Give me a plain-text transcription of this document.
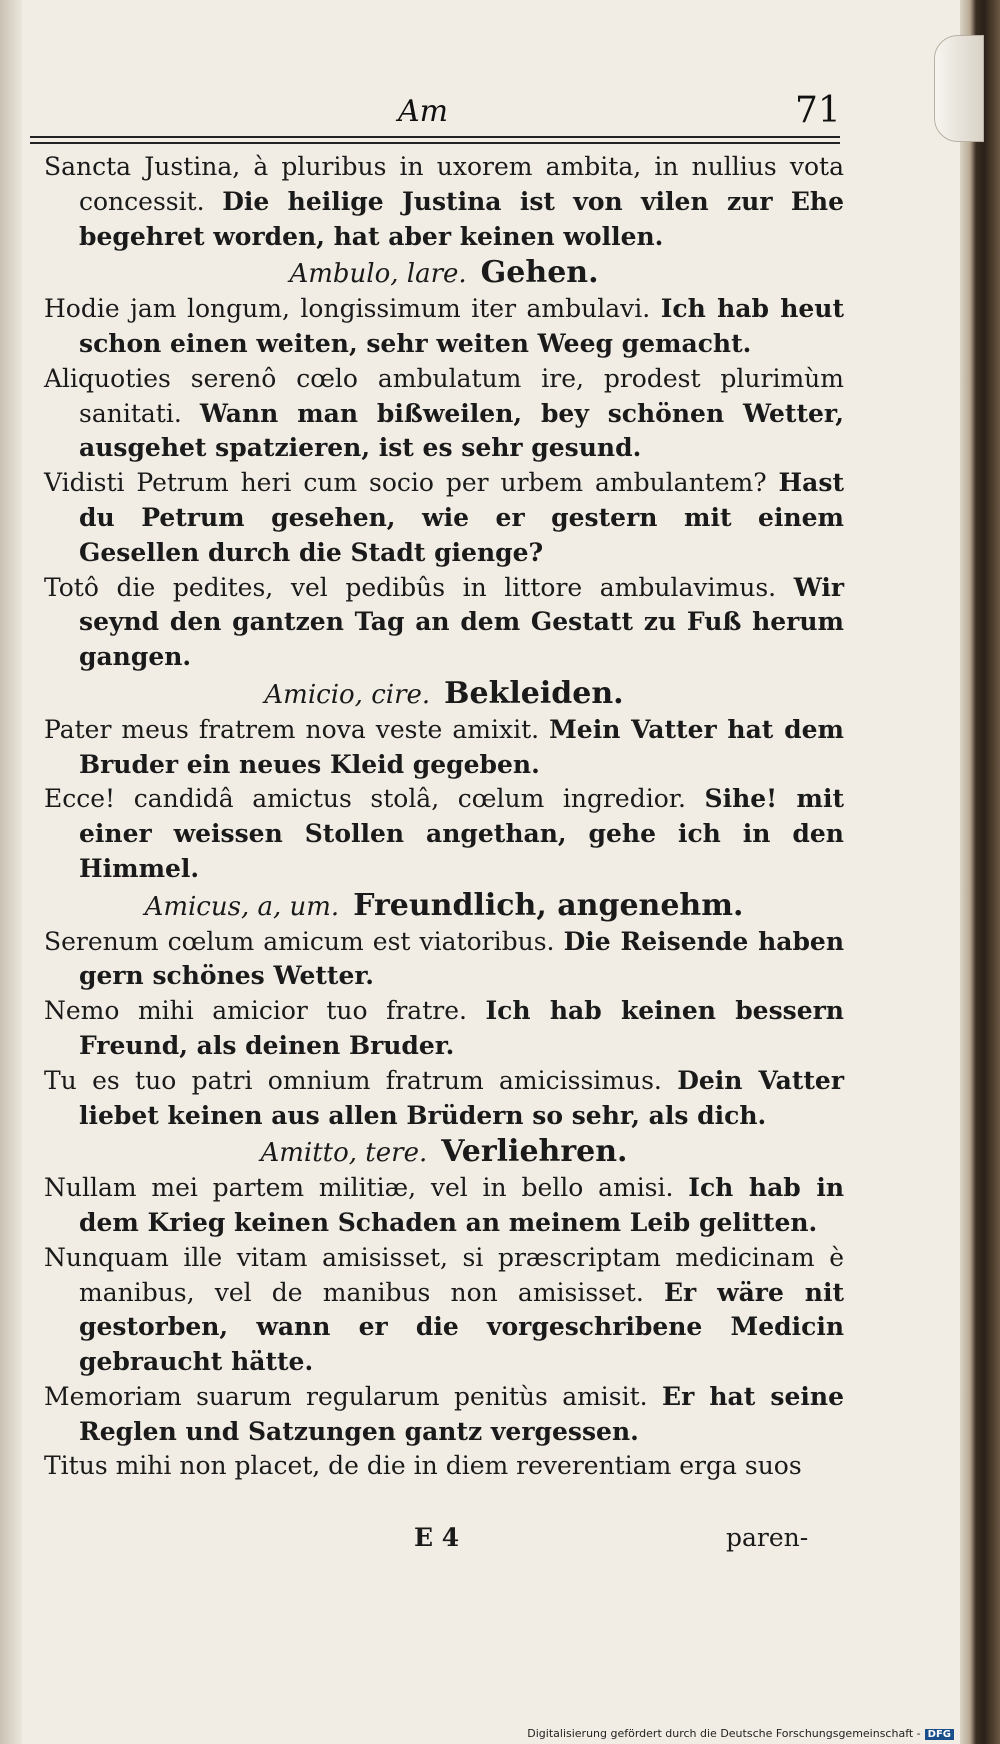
Am	71

Sancta Justina, à pluribus in uxorem ambita, in nullius vota concessit. Die heilige Justina ist von vilen zur Ehe begehret worden, hat aber keinen wollen.

Ambulo, lare. Gehen.

Hodie jam longum, longissimum iter ambulavi. Ich hab heut schon einen weiten, sehr weiten Weeg gemacht.

Aliquoties serenô cœlo ambulatum ire, prodest plurimùm sanitati. Wann man bißweilen, bey schönen Wetter, ausgehet spatzieren, ist es sehr gesund.

Vidisti Petrum heri cum socio per urbem ambulantem? Hast du Petrum gesehen, wie er gestern mit einem Gesellen durch die Stadt gienge?

Totô die pedites, vel pedibûs in littore ambulavimus. Wir seynd den gantzen Tag an dem Gestatt zu Fuß herum gangen.

Amicio, cire. Bekleiden.

Pater meus fratrem nova veste amixit. Mein Vatter hat dem Bruder ein neues Kleid gegeben.

Ecce! candidâ amictus stolâ, cœlum ingredior. Sihe! mit einer weissen Stollen angethan, gehe ich in den Himmel.

Amicus, a, um. Freundlich, angenehm.

Serenum cœlum amicum est viatoribus. Die Reisende haben gern schönes Wetter.

Nemo mihi amicior tuo fratre. Ich hab keinen bessern Freund, als deinen Bruder.

Tu es tuo patri omnium fratrum amicissimus. Dein Vatter liebet keinen aus allen Brüdern so sehr, als dich.

Amitto, tere. Verliehren.

Nullam mei partem militiæ, vel in bello amisi. Ich hab in dem Krieg keinen Schaden an meinem Leib gelitten.

Nunquam ille vitam amisisset, si præscriptam medicinam è manibus, vel de manibus non amisisset. Er wäre nit gestorben, wann er die vorgeschribene Medicin gebraucht hätte.

Memoriam suarum regularum penitùs amisit. Er hat seine Reglen und Satzungen gantz vergessen.

Titus mihi non placet, de die in diem reverentiam erga suos

E 4	paren-
Digitalisierung gefördert durch die Deutsche Forschungsgemeinschaft - DFG
